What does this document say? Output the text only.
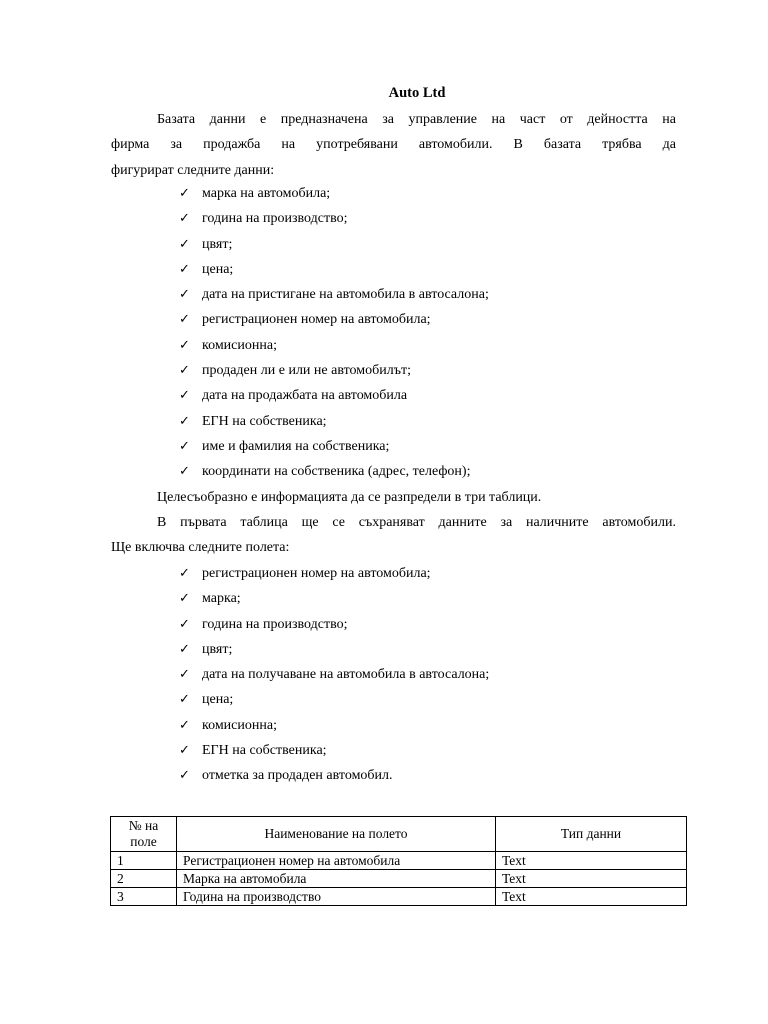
Auto Ltd
Базата данни е предназначена за управление на част от дейността на
фирма за продажба на употребявани автомобили. В базата трябва да
фигурират следните данни:
✓ марка на автомобила;
✓ година на производство;
✓ цвят;
✓ цена;
✓ дата на пристигане на автомобила в автосалона;
✓ регистрационен номер на автомобила;
✓ комисионна;
✓ продаден ли е или не автомобилът;
✓ дата на продажбата на автомобила
✓ ЕГН на собственика;
✓ име и фамилия на собственика;
✓ координати на собственика (адрес, телефон);
Целесъобразно е информацията да се разпредели в три таблици.
В първата таблица ще се съхраняват данните за наличните автомобили.
Ще включва следните полета:
✓ регистрационен номер на автомобила;
✓ марка;
✓ година на производство;
✓ цвят;
✓ дата на получаване на автомобила в автосалона;
✓ цена;
✓ комисионна;
✓ ЕГН на собственика;
✓ отметка за продаден автомобил.
№ на поле	Наименование на полето	Тип данни
1	Регистрационен номер на автомобила	Text
2	Марка на автомобила	Text
3	Година на производство	Text
